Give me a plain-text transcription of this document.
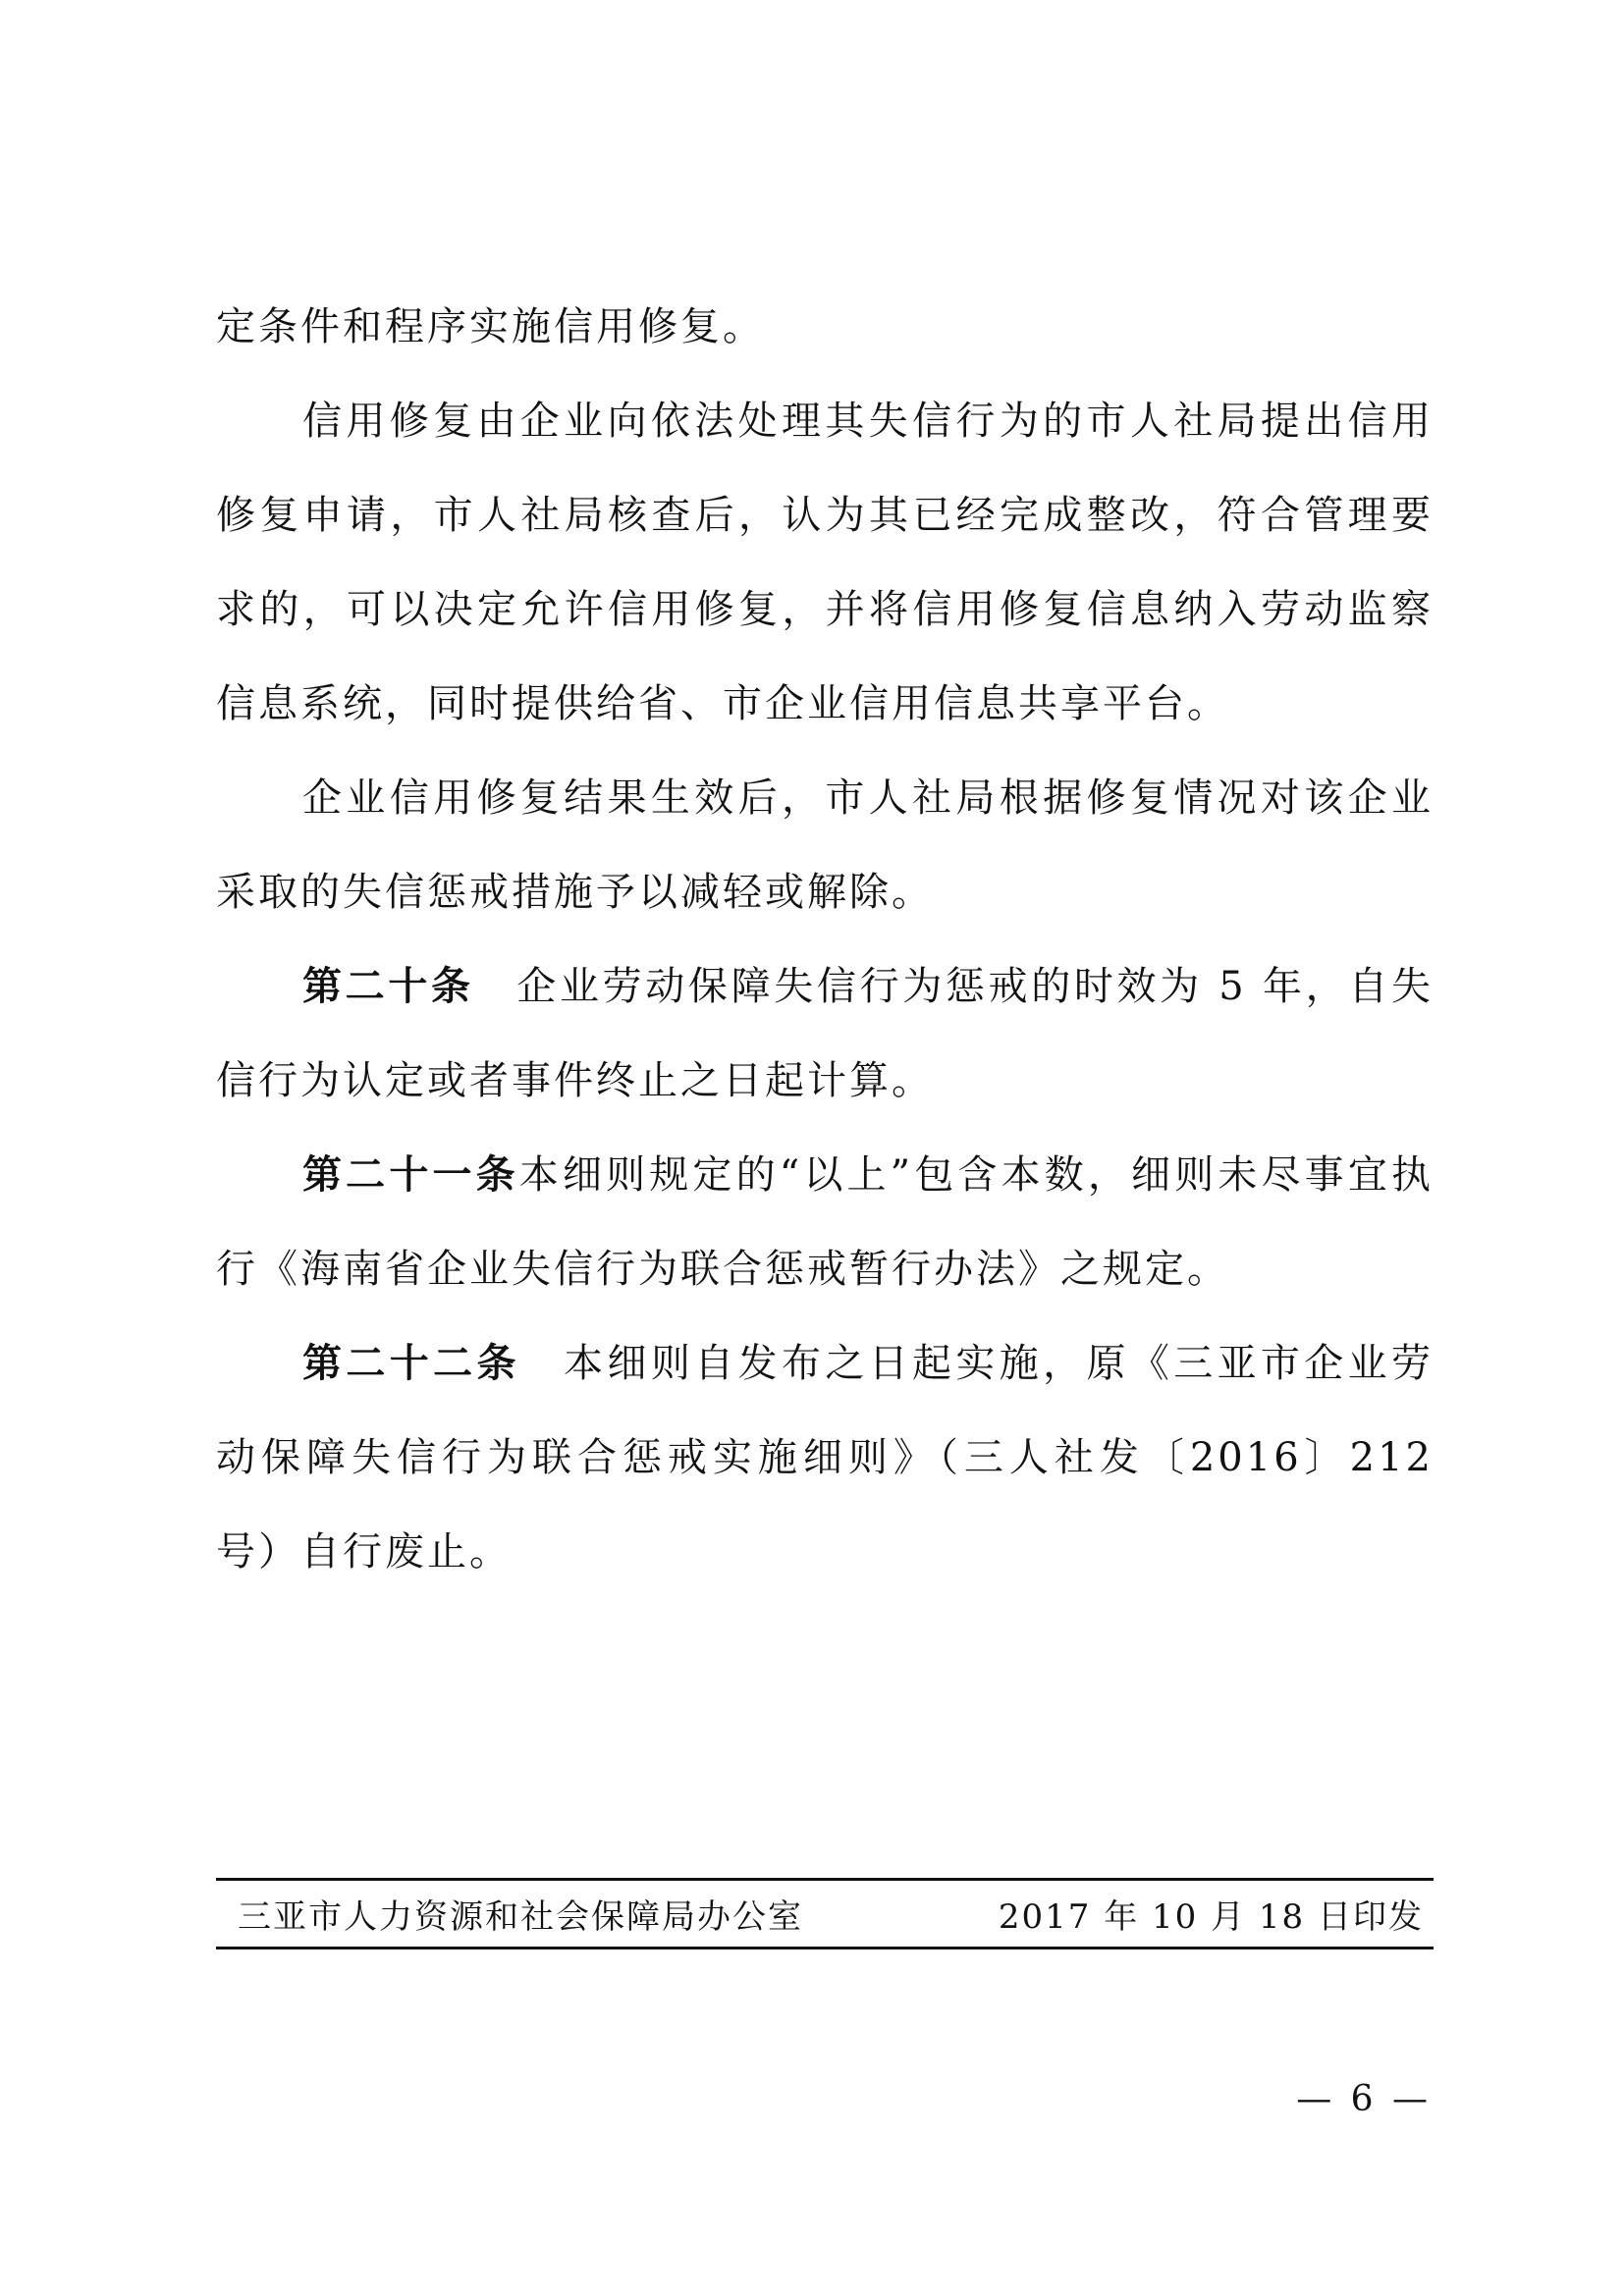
定条件和程序实施信用修复。

信用修复由企业向依法处理其失信行为的市人社局提出信用修复申请，市人社局核查后，认为其已经完成整改，符合管理要求的，可以决定允许信用修复，并将信用修复信息纳入劳动监察信息系统，同时提供给省、市企业信用信息共享平台。

企业信用修复结果生效后，市人社局根据修复情况对该企业采取的失信惩戒措施予以减轻或解除。

第二十条　企业劳动保障失信行为惩戒的时效为 5 年，自失信行为认定或者事件终止之日起计算。

第二十一条本细则规定的“以上”包含本数，细则未尽事宜执行《海南省企业失信行为联合惩戒暂行办法》之规定。

第二十二条　本细则自发布之日起实施，原《三亚市企业劳动保障失信行为联合惩戒实施细则》（三人社发〔2016〕212 号）自行废止。

三亚市人力资源和社会保障局办公室	2017 年 10 月 18 日印发
— 6 —
